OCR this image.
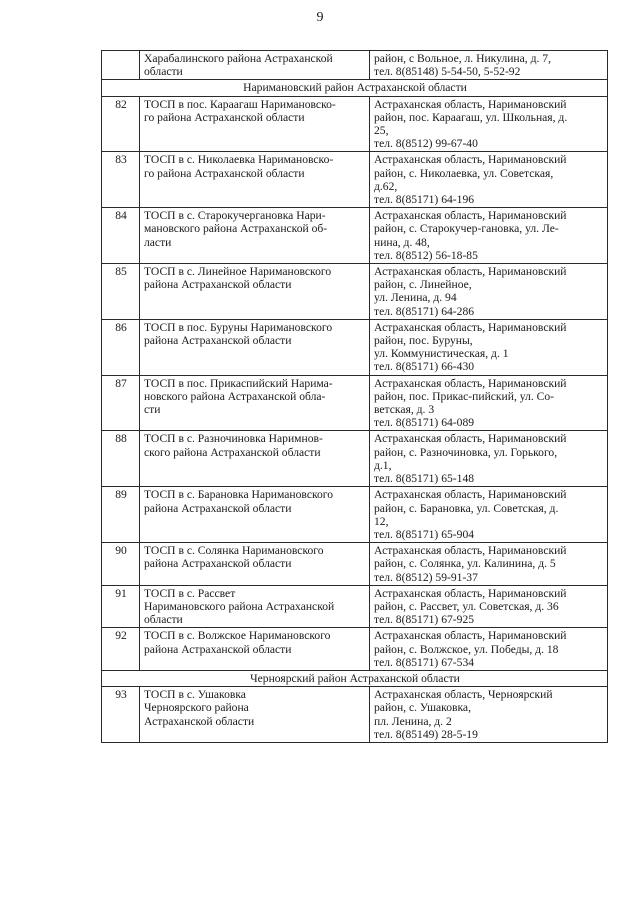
9

	Харабалинского района Астраханской
области	район, с Вольное, л. Никулина, д. 7,
тел. 8(85148) 5-54-50, 5-52-92

Наримановский район Астраханской области		
82	ТОСП в пос. Караагаш Наримановско-
го района Астраханской области	Астраханская область, Наримановский
район, пос. Караагаш, ул. Школьная, д.
25,
тел. 8(8512) 99-67-40

83	ТОСП в с. Николаевка Наримановско-
го района Астраханской области	Астраханская область, Наримановский
район, с. Николаевка, ул. Советская,
д.62,
тел. 8(85171) 64-196

84	ТОСП в с. Старокучергановка Нари-
мановского района Астраханской об-
ласти	Астраханская область, Наримановский
район, с. Старокучер-гановка, ул. Ле-
нина, д. 48,
тел. 8(8512) 56-18-85

85	ТОСП в с. Линейное Наримановского
района Астраханской области	Астраханская область, Наримановский
район, с. Линейное,
ул. Ленина, д. 94
тел. 8(85171) 64-286

86	ТОСП в пос. Буруны Наримановского
района Астраханской области	Астраханская область, Наримановский
район, пос. Буруны,
ул. Коммунистическая, д. 1
тел. 8(85171) 66-430

87	ТОСП в пос. Прикаспийский Нарима-
новского района Астраханской обла-
сти	Астраханская область, Наримановский
район, пос. Прикас-пийский, ул. Со-
ветская, д. 3
тел. 8(85171) 64-089

88	ТОСП в с. Разночиновка Наримнов-
ского района Астраханской области	Астраханская область, Наримановский
район, с. Разночиновка, ул. Горького,
д.1,
тел. 8(85171) 65-148

89	ТОСП в с. Барановка Наримановского
района Астраханской области	Астраханская область, Наримановский
район, с. Барановка, ул. Советская, д.
12,
тел. 8(85171) 65-904

90	ТОСП в с. Солянка Наримановского
района Астраханской области	Астраханская область, Наримановский
район, с. Солянка, ул. Калинина, д. 5
тел. 8(8512) 59-91-37

91	ТОСП в с. Рассвет
Наримановского района Астраханской
области	Астраханская область, Наримановский
район, с. Рассвет, ул. Советская, д. 36
тел. 8(85171) 67-925

92	ТОСП в с. Волжское Наримановского
района Астраханской области	Астраханская область, Наримановский
район, с. Волжское, ул. Победы, д. 18
тел. 8(85171) 67-534

Черноярский район Астраханской области		
93	ТОСП в с. Ушаковка
Черноярского района
Астраханской области	Астраханская область, Черноярский
район, с. Ушаковка,
пл. Ленина, д. 2
тел. 8(85149) 28-5-19
